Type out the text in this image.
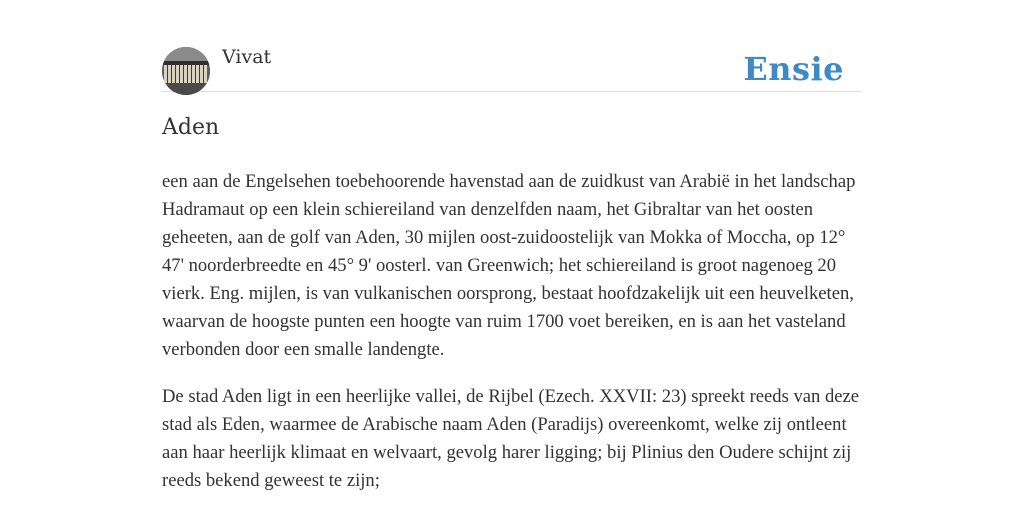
Vivat	Ensie
Aden

een aan de Engelsehen toebehoorende havenstad aan de zuidkust van Arabië in het landschap Hadramaut op een klein schiereiland van denzelfden naam, het Gibraltar van het oosten geheeten, aan de golf van Aden, 30 mijlen oost-zuidoostelijk van Mokka of Moccha, op 12° 47' noorderbreedte en 45° 9' oosterl. van Greenwich; het schiereiland is groot nagenoeg 20 vierk. Eng. mijlen, is van vulkanischen oorsprong, bestaat hoofdzakelijk uit een heuvelketen, waarvan de hoogste punten een hoogte van ruim 1700 voet bereiken, en is aan het vasteland verbonden door een smalle landengte.

De stad Aden ligt in een heerlijke vallei, de Rijbel (Ezech. XXVII: 23) spreekt reeds van deze stad als Eden, waarmee de Arabische naam Aden (Paradijs) overeenkomt, welke zij ontleent aan haar heerlijk klimaat en welvaart, gevolg harer ligging; bij Plinius den Oudere schijnt zij reeds bekend geweest te zijn;
